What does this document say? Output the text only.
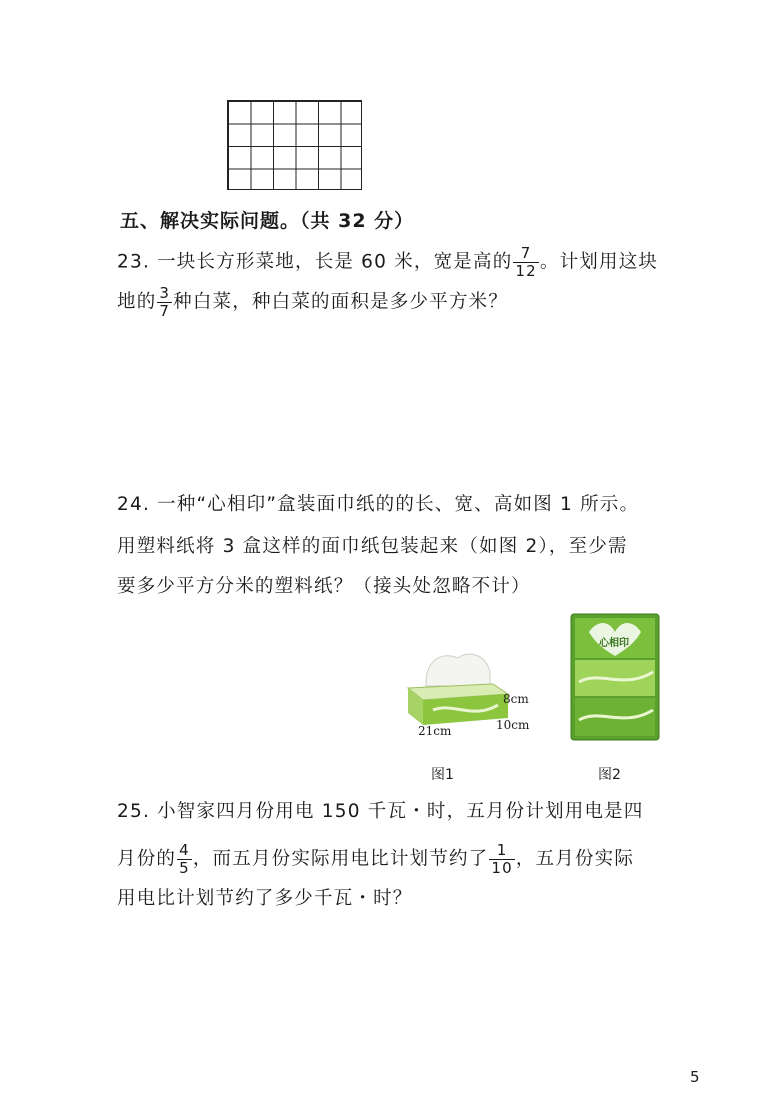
五、解决实际问题。（共 32 分）
23. 一块长方形菜地，长是 60 米，宽是高的 $\frac{7}{12}$ 。计划用这块
地的 $\frac{3}{7}$ 种白菜，种白菜的面积是多少平方米？
24. 一种“心相印”盒装面巾纸的的长、宽、高如图 1 所示。
用塑料纸将 3 盒这样的面巾纸包装起来（如图 2），至少需
要多少平方分米的塑料纸？（接头处忽略不计）
8cm
10cm
21cm
心相印
图1	图2
25. 小智家四月份用电 150 千瓦・时，五月份计划用电是四
月份的 $\frac{4}{5}$ ，而五月份实际用电比计划节约了 $\frac{1}{10}$ ，五月份实际
用电比计划节约了多少千瓦・时？
5
